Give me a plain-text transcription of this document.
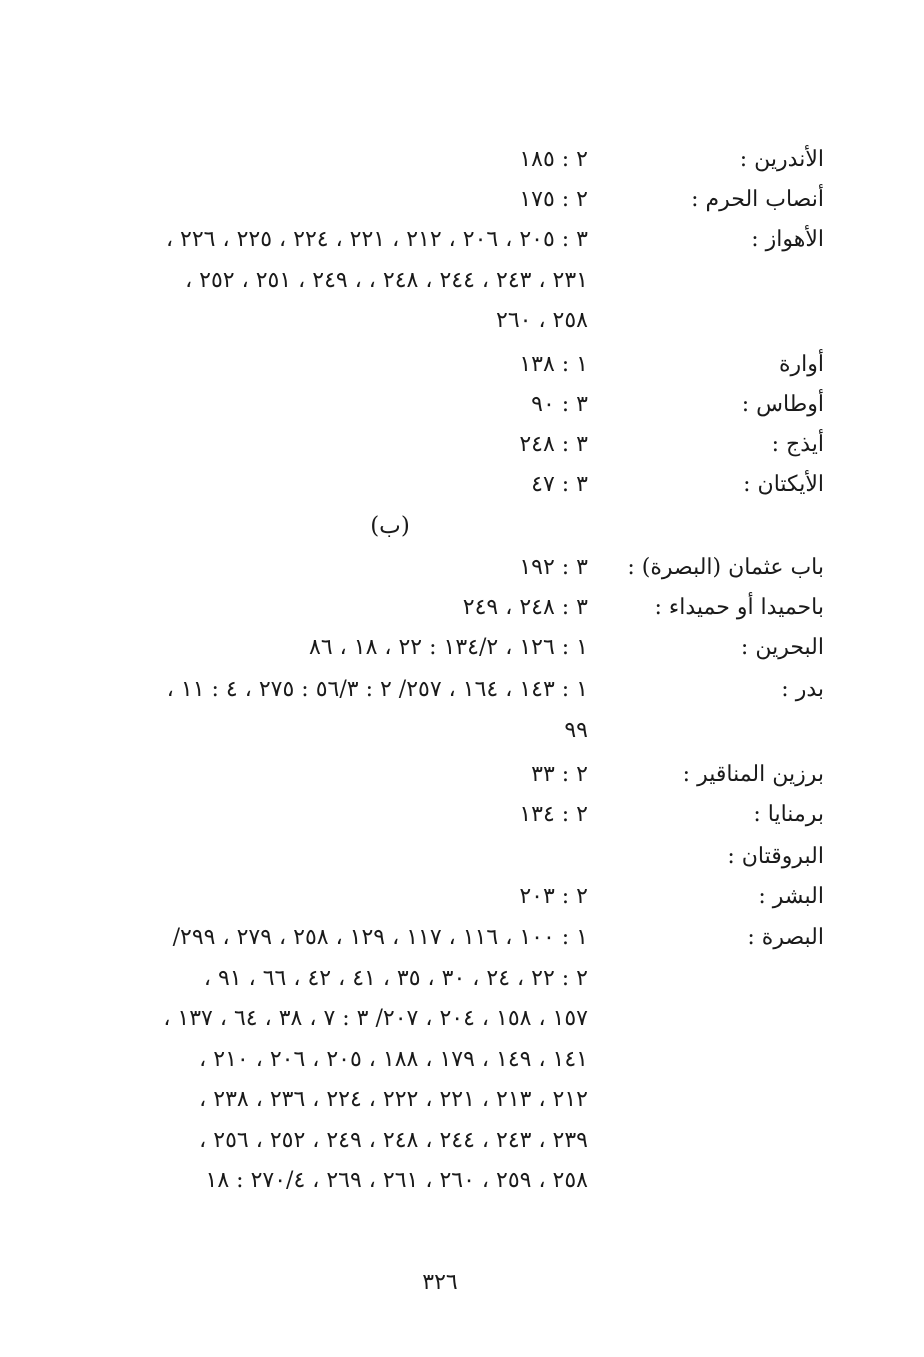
الأندرين :
٢ : ١٨٥
أنصاب الحرم :
٢ : ١٧٥
الأهواز :
٣ : ٢٠٥ ، ٢٠٦ ، ٢١٢ ، ٢٢١ ، ٢٢٤ ، ٢٢٥ ، ٢٢٦ ،
٢٣١ ، ٢٤٣ ، ٢٤٤ ، ٢٤٨ ، ، ٢٤٩ ، ٢٥١ ، ٢٥٢ ،
٢٥٨ ، ٢٦٠
أوارة
١ : ١٣٨
أوطاس :
٣ : ٩٠
أيذج :
٣ : ٢٤٨
الأيكتان :
٣ : ٤٧
(ب)
باب عثمان (البصرة) :
٣ : ١٩٢
باحميدا أو حميداء :
٣ : ٢٤٨ ، ٢٤٩
البحرين :
١ : ١٢٦ ، ١٣٤/٢ : ٢٢ ، ١٨ ، ٨٦
بدر :
١ : ١٤٣ ، ١٦٤ ، ٢٥٧/ ٢ : ٥٦/٣ : ٢٧٥ ، ٤ : ١١ ،
٩٩
برزين المناقير :
٢ : ٣٣
برمنايا :
٢ : ١٣٤
البروقتان :
البشر :
٢ : ٢٠٣
البصرة :
١ : ١٠٠ ، ١١٦ ، ١١٧ ، ١٢٩ ، ٢٥٨ ، ٢٧٩ ، ٢٩٩/
٢ : ٢٢ ، ٢٤ ، ٣٠ ، ٣٥ ، ٤١ ، ٤٢ ، ٦٦ ، ٩١ ،
١٥٧ ، ١٥٨ ، ٢٠٤ ، ٢٠٧/ ٣ : ٧ ، ٣٨ ، ٦٤ ، ١٣٧ ،
١٤١ ، ١٤٩ ، ١٧٩ ، ١٨٨ ، ٢٠٥ ، ٢٠٦ ، ٢١٠ ،
٢١٢ ، ٢١٣ ، ٢٢١ ، ٢٢٢ ، ٢٢٤ ، ٢٣٦ ، ٢٣٨ ،
٢٣٩ ، ٢٤٣ ، ٢٤٤ ، ٢٤٨ ، ٢٤٩ ، ٢٥٢ ، ٢٥٦ ،
٢٥٨ ، ٢٥٩ ، ٢٦٠ ، ٢٦١ ، ٢٦٩ ، ٢٧٠/٤ : ١٨
٣٢٦
